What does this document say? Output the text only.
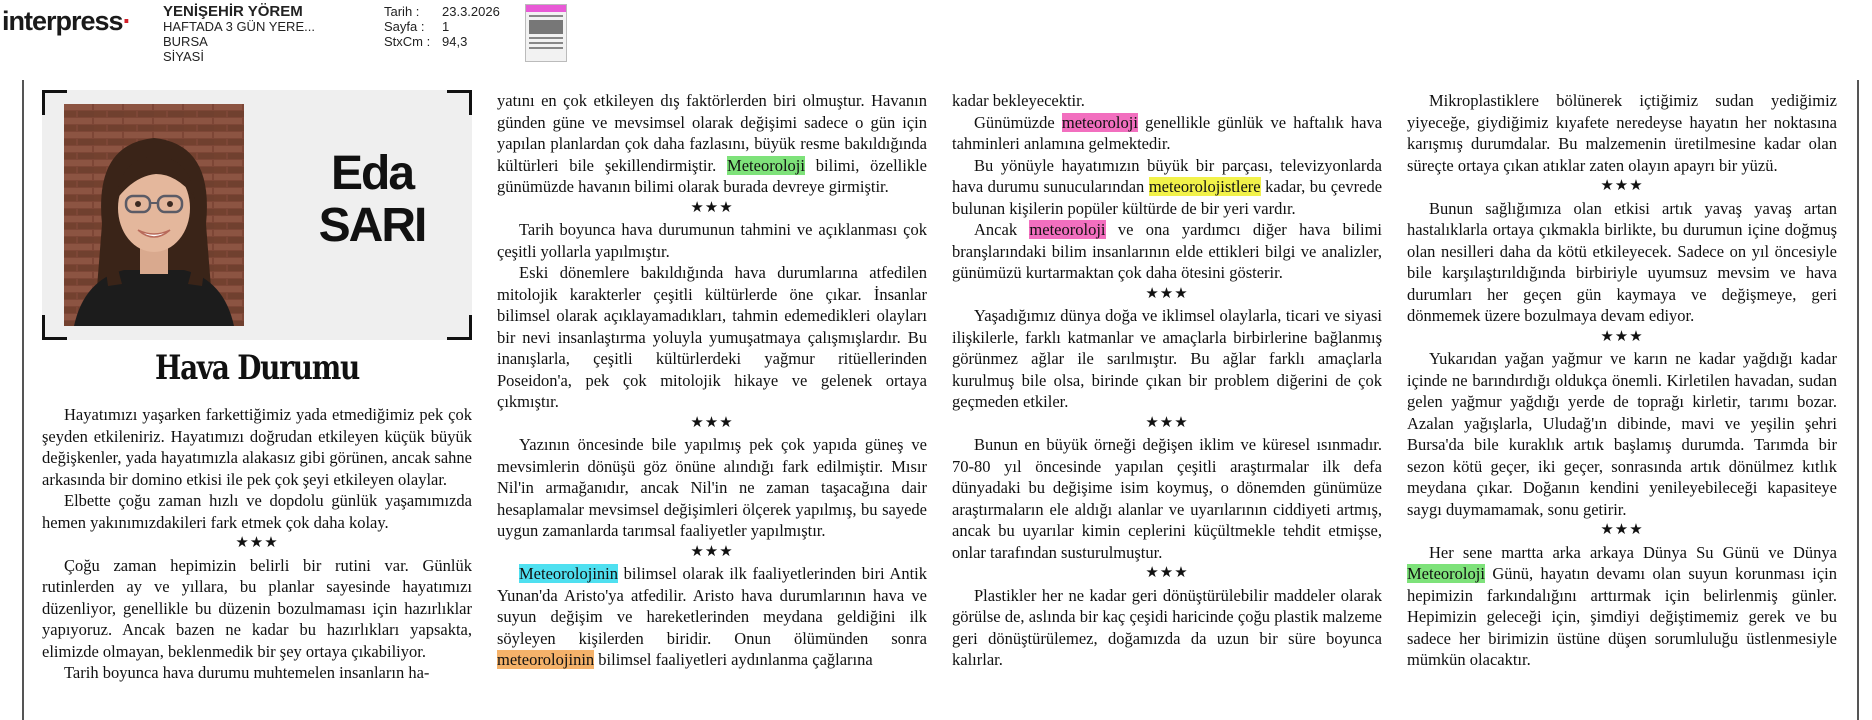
interpress· YENİŞEHİR YÖREM
HAFTADA 3 GÜN YERE...
BURSA
SİYASİ
Tarih :	23.3.2026
Sayfa :	1
StxCm : 94,3
Eda
SARI
Hava Durumu

Hayatımızı yaşarken farkettiğimiz yada etmediğimiz pek çok şeyden etkileniriz. Hayatımızı doğrudan etkileyen küçük büyük değişkenler, yada hayatımızla alakasız gibi görünen, ancak sahne arkasında bir domino etkisi ile pek çok şeyi etkileyen olaylar.

Elbette çoğu zaman hızlı ve dopdolu günlük yaşamımızda hemen yakınımızdakileri fark etmek çok daha kolay.

★★★

Çoğu zaman hepimizin belirli bir rutini var. Günlük rutinlerden ay ve yıllara, bu planlar sayesinde hayatımızı düzenliyor, genellikle bu düzenin bozulmaması için hazırlıklar yapıyoruz. Ancak bazen ne kadar bu hazırlıkları yapsakta, elimizde olmayan, beklenmedik bir şey ortaya çıkabiliyor.

Tarih boyunca hava durumu muhtemelen insanların ha-

yatını en çok etkileyen dış faktörlerden biri olmuştur. Havanın günden güne ve mevsimsel olarak değişimi sadece o gün için yapılan planlardan çok daha fazlasını, büyük resme bakıldığında kültürleri bile şekillendirmiştir. Meteoroloji bilimi, özellikle günümüzde havanın bilimi olarak burada devreye girmiştir.

★★★

Tarih boyunca hava durumunun tahmini ve açıklanması çok çeşitli yollarla yapılmıştır.

Eski dönemlere bakıldığında hava durumlarına atfedilen mitolojik karakterler çeşitli kültürlerde öne çıkar. İnsanlar bilimsel olarak açıklayamadıkları, tahmin edemedikleri olayları bir nevi insanlaştırma yoluyla yumuşatmaya çalışmışlardır. Bu inanışlarla, çeşitli kültürlerdeki yağmur ritüellerinden Poseidon'a, pek çok mitolojik hikaye ve gelenek ortaya çıkmıştır.

★★★

Yazının öncesinde bile yapılmış pek çok yapıda güneş ve mevsimlerin dönüşü göz önüne alındığı fark edilmiştir. Mısır Nil'in armağanıdır, ancak Nil'in ne zaman taşacağına dair hesaplamalar mevsimsel değişimleri ölçerek yapılmış, bu sayede uygun zamanlarda tarımsal faaliyetler yapılmıştır.

★★★

Meteorolojinin bilimsel olarak ilk faaliyetlerinden biri Antik Yunan'da Aristo'ya atfedilir. Aristo hava durumlarının hava ve suyun değişim ve hareketlerinden meydana geldiğini ilk söyleyen kişilerden biridir. Onun ölümünden sonra meteorolojinin bilimsel faaliyetleri aydınlanma çağlarına

kadar bekleyecektir.

Günümüzde meteoroloji genellikle günlük ve haftalık hava tahminleri anlamına gelmektedir.

Bu yönüyle hayatımızın büyük bir parçası, televizyonlarda hava durumu sunucularından meteorolojistlere kadar, bu çevrede bulunan kişilerin popüler kültürde de bir yeri vardır.

Ancak meteoroloji ve ona yardımcı diğer hava bilimi branşlarındaki bilim insanlarının elde ettikleri bilgi ve analizler, günümüzü kurtarmaktan çok daha ötesini gösterir.

★★★

Yaşadığımız dünya doğa ve iklimsel olaylarla, ticari ve siyasi ilişkilerle, farklı katmanlar ve amaçlarla birbirlerine bağlanmış görünmez ağlar ile sarılmıştır. Bu ağlar farklı amaçlarla kurulmuş bile olsa, birinde çıkan bir problem diğerini de çok geçmeden etkiler.

★★★

Bunun en büyük örneği değişen iklim ve küresel ısınmadır. 70-80 yıl öncesinde yapılan çeşitli araştırmalar ilk defa dünyadaki bu değişime isim koymuş, o dönemden günümüze araştırmaların ele aldığı alanlar ve uyarılarının ciddiyeti artmış, ancak bu uyarılar kimin ceplerini küçültmekle tehdit etmişse, onlar tarafından susturulmuştur.

★★★

Plastikler her ne kadar geri dönüştürülebilir maddeler olarak görülse de, aslında bir kaç çeşidi haricinde çoğu plastik malzeme geri dönüştürülemez, doğamızda da uzun bir süre boyunca kalırlar.

Mikroplastiklere bölünerek içtiğimiz sudan yediğimiz yiyeceğe, giydiğimiz kıyafete neredeyse hayatın her noktasına karışmış durumdalar. Bu malzemenin üretilmesine kadar olan süreçte ortaya çıkan atıklar zaten olayın apayrı bir yüzü.

★★★

Bunun sağlığımıza olan etkisi artık yavaş yavaş artan hastalıklarla ortaya çıkmakla birlikte, bu durumun içine doğmuş olan nesilleri daha da kötü etkileyecek. Sadece on yıl öncesiyle bile karşılaştırıldığında birbiriyle uyumsuz mevsim ve hava durumları her geçen gün kaymaya ve değişmeye, geri dönmemek üzere bozulmaya devam ediyor.

★★★

Yukarıdan yağan yağmur ve karın ne kadar yağdığı kadar içinde ne barındırdığı oldukça önemli. Kirletilen havadan, sudan gelen yağmur yağdığı yerde de toprağı kirletir, tarımı bozar. Azalan yağışlarla, Uludağ'ın dibinde, mavi ve yeşilin şehri Bursa'da bile kuraklık artık başlamış durumda. Tarımda bir sezon kötü geçer, iki geçer, sonrasında artık dönülmez kıtlık meydana çıkar. Doğanın kendini yenileyebileceği kapasiteye saygı duymamamak, sonu getirir.

★★★

Her sene martta arka arkaya Dünya Su Günü ve Dünya Meteoroloji Günü, hayatın devamı olan suyun korunması için hepimizin farkındalığını arttırmak için belirlenmiş günler. Hepimizin geleceği için, şimdiyi değiştimemiz gerek ve bu sadece her birimizin üstüne düşen sorumluluğu üstlenmesiyle mümkün olacaktır.
